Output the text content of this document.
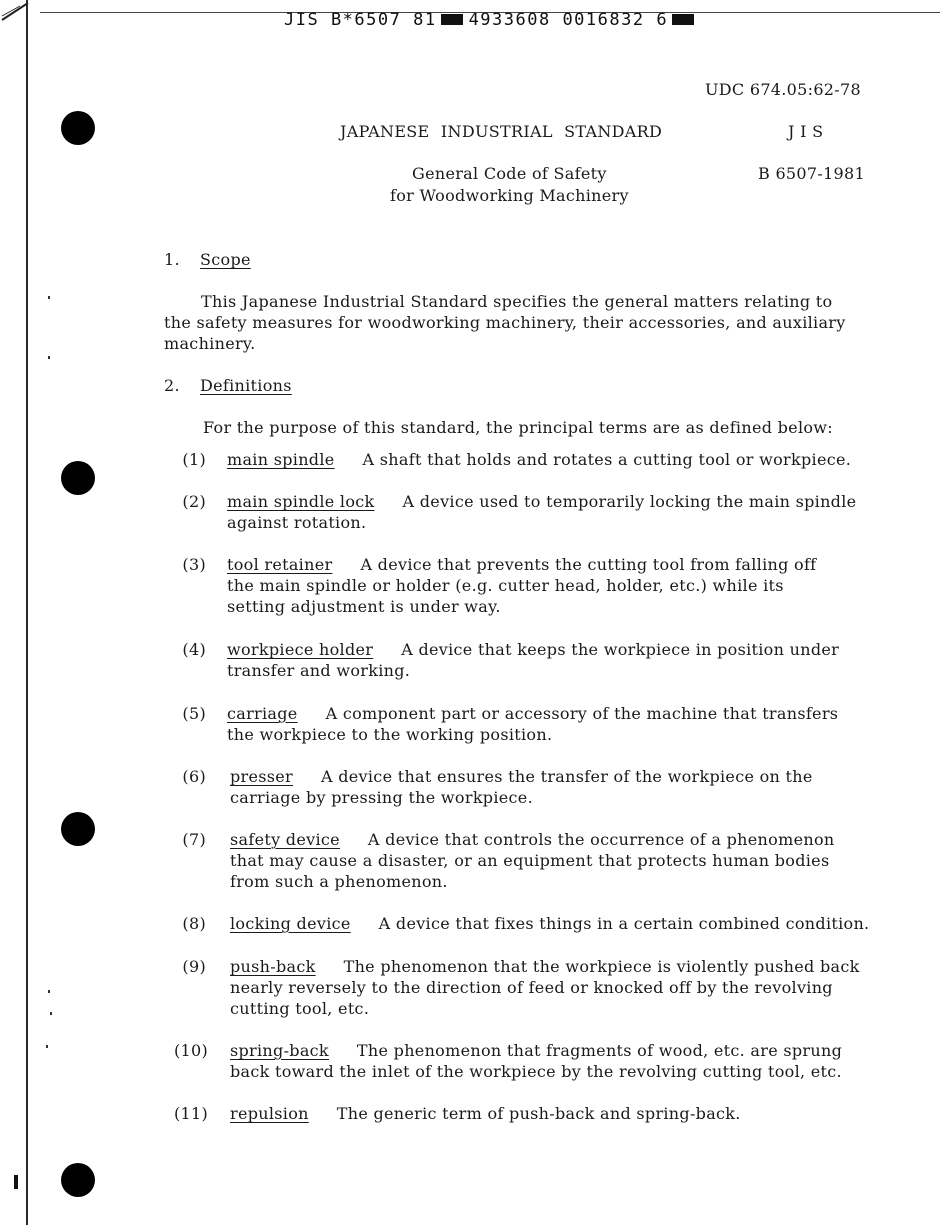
JIS B*6507 81 4933608 0016832 6
UDC 674.05:62-78
JAPANESE INDUSTRIAL STANDARD	J I S
General Code of Safety
for Woodworking Machinery
B 6507-1981
1. Scope
This Japanese Industrial Standard specifies the general matters relating to
the safety measures for woodworking machinery, their accessories, and auxiliary
machinery.
2. Definitions
For the purpose of this standard, the principal terms are as defined below:
(1) main spindle A shaft that holds and rotates a cutting tool or workpiece.
(2) main spindle lock A device used to temporarily locking the main spindle
against rotation.
(3) tool retainer A device that prevents the cutting tool from falling off
the main spindle or holder (e.g. cutter head, holder, etc.) while its
setting adjustment is under way.
(4) workpiece holder A device that keeps the workpiece in position under
transfer and working.
(5) carriage A component part or accessory of the machine that transfers
the workpiece to the working position.
(6) presser A device that ensures the transfer of the workpiece on the
carriage by pressing the workpiece.
(7) safety device A device that controls the occurrence of a phenomenon
that may cause a disaster, or an equipment that protects human bodies
from such a phenomenon.
(8) locking device A device that fixes things in a certain combined condition.
(9) push-back The phenomenon that the workpiece is violently pushed back
nearly reversely to the direction of feed or knocked off by the revolving
cutting tool, etc.
(10) spring-back The phenomenon that fragments of wood, etc. are sprung
back toward the inlet of the workpiece by the revolving cutting tool, etc.
(11) repulsion The generic term of push-back and spring-back.
